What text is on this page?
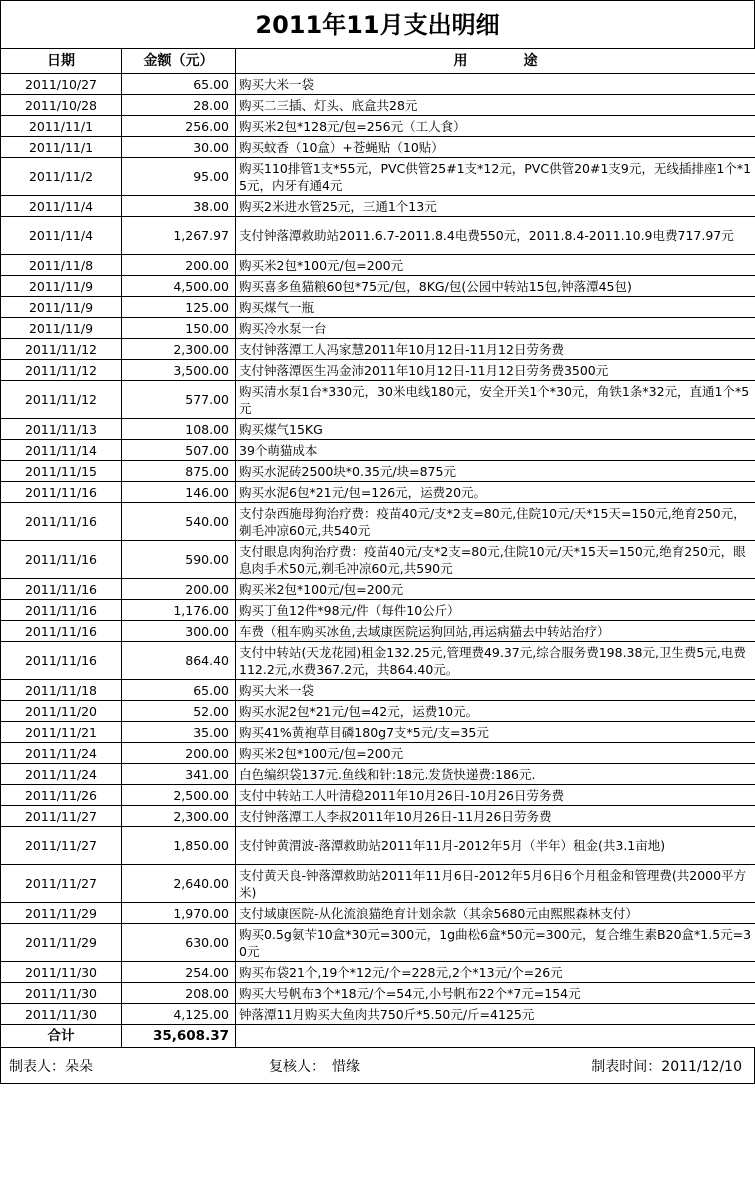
2011年11月支出明细
日期	金额（元）	用　　　　途
2011/10/27	65.00	购买大米一袋
2011/10/28	28.00	购买二三插、灯头、底盒共28元
2011/11/1	256.00	购买米2包*128元/包=256元（工人食）
2011/11/1	30.00	购买蚊香（10盒）+苍蝇贴（10贴）
2011/11/2	95.00	购买110排管1支*55元，PVC供管25#1支*12元，PVC供管20#1支9元，无线插排座1个*15元，内牙有通4元
2011/11/4	38.00	购买2米进水管25元，三通1个13元
2011/11/4	1,267.97	支付钟落潭救助站2011.6.7-2011.8.4电费550元，2011.8.4-2011.10.9电费717.97元
2011/11/8	200.00	购买米2包*100元/包=200元
2011/11/9	4,500.00	购买喜多鱼猫粮60包*75元/包，8KG/包(公园中转站15包,钟落潭45包)
2011/11/9	125.00	购买煤气一瓶
2011/11/9	150.00	购买冷水泵一台
2011/11/12	2,300.00	支付钟落潭工人冯家慧2011年10月12日-11月12日劳务费
2011/11/12	3,500.00	支付钟落潭医生冯金沛2011年10月12日-11月12日劳务费3500元
2011/11/12	577.00	购买清水泵1台*330元，30米电线180元，安全开关1个*30元，角铁1条*32元，直通1个*5元
2011/11/13	108.00	购买煤气15KG
2011/11/14	507.00	39个萌猫成本
2011/11/15	875.00	购买水泥砖2500块*0.35元/块=875元
2011/11/16	146.00	购买水泥6包*21元/包=126元，运费20元。
2011/11/16	540.00	支付杂西施母狗治疗费：疫苗40元/支*2支=80元,住院10元/天*15天=150元,绝育250元，剃毛冲凉60元,共540元
2011/11/16	590.00	支付眼息肉狗治疗费：疫苗40元/支*2支=80元,住院10元/天*15天=150元,绝育250元，眼息肉手术50元,剃毛冲凉60元,共590元
2011/11/16	200.00	购买米2包*100元/包=200元
2011/11/16	1,176.00	购买丁鱼12件*98元/件（每件10公斤）
2011/11/16	300.00	车费（租车购买冰鱼,去域康医院运狗回站,再运病猫去中转站治疗）
2011/11/16	864.40	支付中转站(天龙花园)租金132.25元,管理费49.37元,综合服务费198.38元,卫生费5元,电费112.2元,水费367.2元，共864.40元。
2011/11/18	65.00	购买大米一袋
2011/11/20	52.00	购买水泥2包*21元/包=42元，运费10元。
2011/11/21	35.00	购买41%黄袍草目磷180g7支*5元/支=35元
2011/11/24	200.00	购买米2包*100元/包=200元
2011/11/24	341.00	白色编织袋137元.鱼线和针:18元.发货快递费:186元.
2011/11/26	2,500.00	支付中转站工人叶清稳2011年10月26日-10月26日劳务费
2011/11/27	2,300.00	支付钟落潭工人李叔2011年10月26日-11月26日劳务费
2011/11/27	1,850.00	支付钟黄渭波-落潭救助站2011年11月-2012年5月（半年）租金(共3.1亩地)
2011/11/27	2,640.00	支付黄天良-钟落潭救助站2011年11月6日-2012年5月6日6个月租金和管理费(共2000平方米)
2011/11/29	1,970.00	支付域康医院-从化流浪猫绝育计划余款（其余5680元由熙熙森林支付）
2011/11/29	630.00	购买0.5g氨苄10盒*30元=300元，1g曲松6盒*50元=300元，复合维生素B20盒*1.5元=30元
2011/11/30	254.00	购买布袋21个,19个*12元/个=228元,2个*13元/个=26元
2011/11/30	208.00	购买大号帆布3个*18元/个=54元,小号帆布22个*7元=154元
2011/11/30	4,125.00	钟落潭11月购买大鱼肉共750斤*5.50元/斤=4125元
合计	35,608.37	
制表人：朵朵	复核人：　惜缘	制表时间：2011/12/10
